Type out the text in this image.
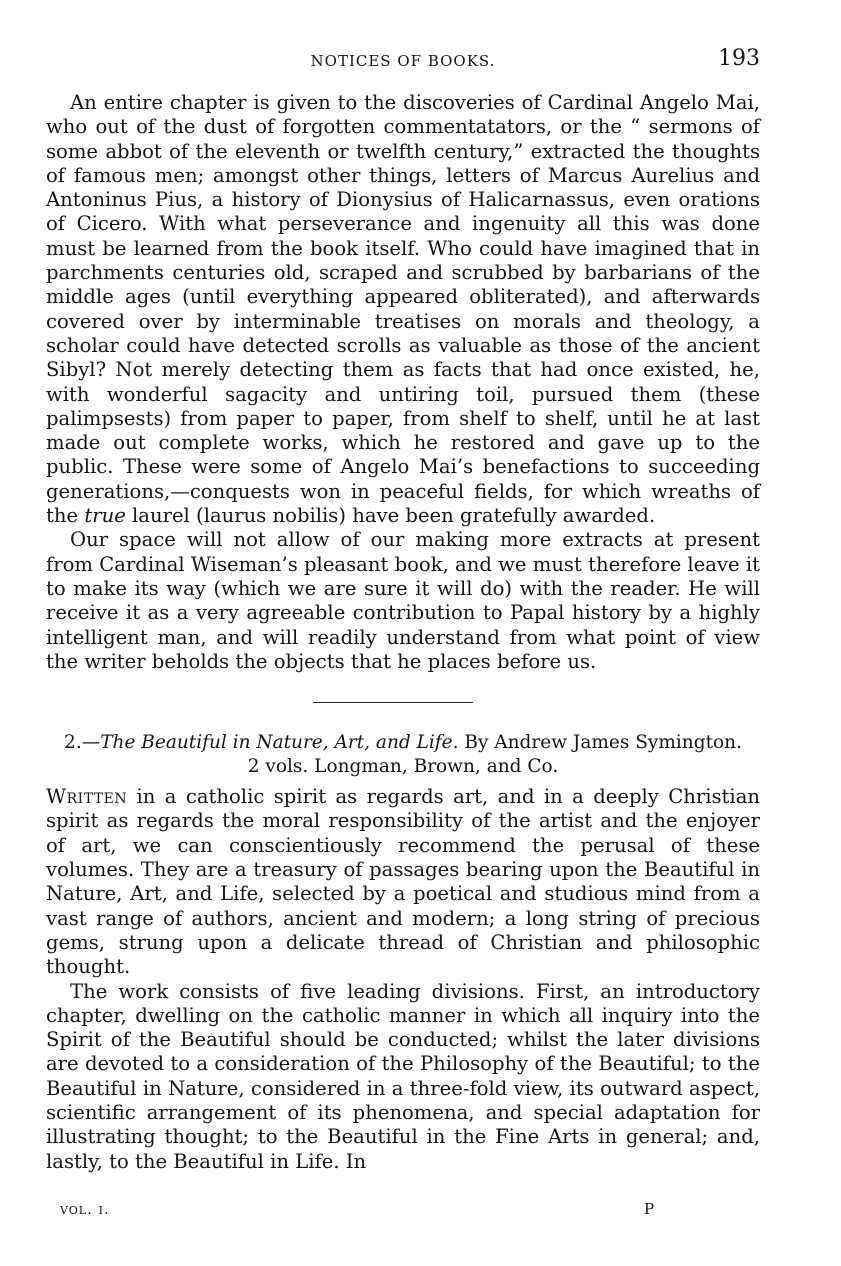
NOTICES OF BOOKS.	193

An entire chapter is given to the discoveries of Cardinal Angelo Mai, who out of the dust of forgotten commentatators, or the “ sermons of some abbot of the eleventh or twelfth century,” extracted the thoughts of famous men; amongst other things, letters of Marcus Aurelius and Antoninus Pius, a history of Dionysius of Halicarnassus, even orations of Cicero. With what perseverance and ingenuity all this was done must be learned from the book itself. Who could have imagined that in parchments centuries old, scraped and scrubbed by barbarians of the middle ages (until everything appeared obliterated), and afterwards covered over by interminable treatises on morals and theology, a scholar could have detected scrolls as valuable as those of the ancient Sibyl? Not merely detecting them as facts that had once existed, he, with wonderful sagacity and untiring toil, pursued them (these palimpsests) from paper to paper, from shelf to shelf, until he at last made out complete works, which he restored and gave up to the public. These were some of Angelo Mai’s benefactions to succeeding generations,—conquests won in peaceful fields, for which wreaths of the true laurel (laurus nobilis) have been gratefully awarded.

Our space will not allow of our making more extracts at present from Cardinal Wiseman’s pleasant book, and we must therefore leave it to make its way (which we are sure it will do) with the reader. He will receive it as a very agreeable contribution to Papal history by a highly intelligent man, and will readily understand from what point of view the writer beholds the objects that he places before us.

2.—The Beautiful in Nature, Art, and Life. By Andrew James Symington.
2 vols. Longman, Brown, and Co.

Written in a catholic spirit as regards art, and in a deeply Christian spirit as regards the moral responsibility of the artist and the enjoyer of art, we can conscientiously recommend the perusal of these volumes. They are a treasury of passages bearing upon the Beautiful in Nature, Art, and Life, selected by a poetical and studious mind from a vast range of authors, ancient and modern; a long string of precious gems, strung upon a delicate thread of Christian and philosophic thought.

The work consists of five leading divisions. First, an introductory chapter, dwelling on the catholic manner in which all inquiry into the Spirit of the Beautiful should be conducted; whilst the later divisions are devoted to a consideration of the Philosophy of the Beautiful; to the Beautiful in Nature, considered in a three-fold view, its outward aspect, scientific arrangement of its phenomena, and special adaptation for illustrating thought; to the Beautiful in the Fine Arts in general; and, lastly, to the Beautiful in Life. In

vol. i.	P
